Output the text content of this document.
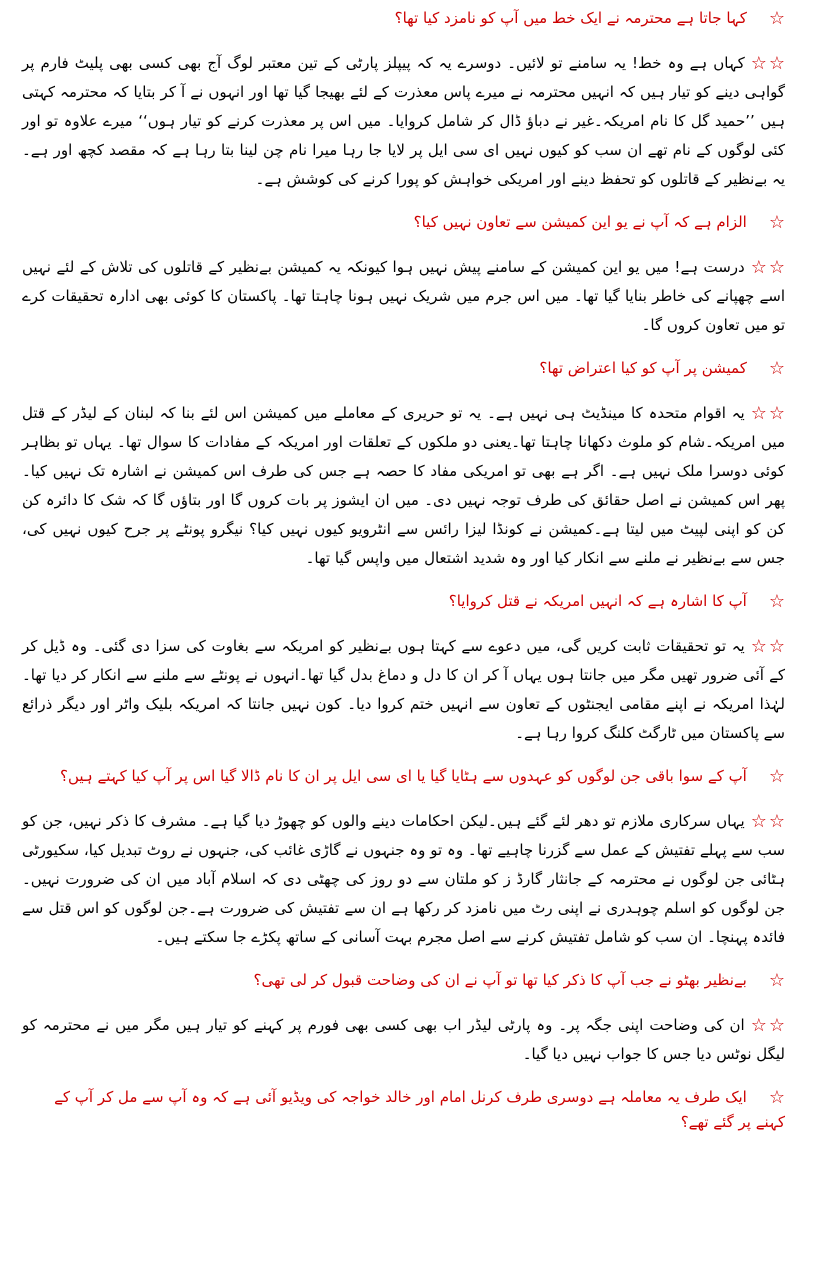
☆کہا جاتا ہے محترمہ نے ایک خط میں آپ کو نامزد کیا تھا؟

☆☆کہاں ہے وہ خط! یہ سامنے تو لائیں۔ دوسرے یہ کہ پیپلز پارٹی کے تین معتبر لوگ آج بھی کسی بھی پلیٹ فارم پر گواہی دینے کو تیار ہیں کہ انہیں محترمہ نے میرے پاس معذرت کے لئے بھیجا گیا تھا اور انہوں نے آ کر بتایا کہ محترمہ کہتی ہیں ’’حمید گل کا نام امریکہ۔غیر نے دباؤ ڈال کر شامل کروایا۔ میں اس پر معذرت کرنے کو تیار ہوں‘‘ میرے علاوہ تو اور کئی لوگوں کے نام تھے ان سب کو کیوں نہیں ای سی ایل پر لایا جا رہا میرا نام چن لینا بتا رہا ہے کہ مقصد کچھ اور ہے۔ یہ بےنظیر کے قاتلوں کو تحفظ دینے اور امریکی خواہش کو پورا کرنے کی کوشش ہے۔

☆الزام ہے کہ آپ نے یو این کمیشن سے تعاون نہیں کیا؟

☆☆درست ہے! میں یو این کمیشن کے سامنے پیش نہیں ہوا کیونکہ یہ کمیشن بےنظیر کے قاتلوں کی تلاش کے لئے نہیں اسے چھپانے کی خاطر بنایا گیا تھا۔ میں اس جرم میں شریک نہیں ہونا چاہتا تھا۔ پاکستان کا کوئی بھی ادارہ تحقیقات کرے تو میں تعاون کروں گا۔

☆کمیشن پر آپ کو کیا اعتراض تھا؟

☆☆یہ اقوام متحدہ کا مینڈیٹ ہی نہیں ہے۔ یہ تو حریری کے معاملے میں کمیشن اس لئے بنا کہ لبنان کے لیڈر کے قتل میں امریکہ۔شام کو ملوث دکھانا چاہتا تھا۔یعنی دو ملکوں کے تعلقات اور امریکہ کے مفادات کا سوال تھا۔ یہاں تو بظاہر کوئی دوسرا ملک نہیں ہے۔ اگر ہے بھی تو امریکی مفاد کا حصہ ہے جس کی طرف اس کمیشن نے اشارہ تک نہیں کیا۔ پھر اس کمیشن نے اصل حقائق کی طرف توجہ نہیں دی۔ میں ان ایشوز پر بات کروں گا اور بتاؤں گا کہ شک کا دائرہ کن کن کو اپنی لپیٹ میں لیتا ہے۔کمیشن نے کونڈا لیزا رائس سے انٹرویو کیوں نہیں کیا؟ نیگرو پونٹے پر جرح کیوں نہیں کی، جس سے بےنظیر نے ملنے سے انکار کیا اور وہ شدید اشتعال میں واپس گیا تھا۔

☆آپ کا اشارہ ہے کہ انہیں امریکہ نے قتل کروایا؟

☆☆یہ تو تحقیقات ثابت کریں گی، میں دعوے سے کہتا ہوں بےنظیر کو امریکہ سے بغاوت کی سزا دی گئی۔ وہ ڈیل کر کے آئی ضرور تھیں مگر میں جانتا ہوں یہاں آ کر ان کا دل و دماغ بدل گیا تھا۔انہوں نے پونٹے سے ملنے سے انکار کر دیا تھا۔لہٰذا امریکہ نے اپنے مقامی ایجنٹوں کے تعاون سے انہیں ختم کروا دیا۔ کون نہیں جانتا کہ امریکہ بلیک واٹر اور دیگر ذرائع سے پاکستان میں ٹارگٹ کلنگ کروا رہا ہے۔

☆آپ کے سوا باقی جن لوگوں کو عہدوں سے ہٹایا گیا یا ای سی ایل پر ان کا نام ڈالا گیا اس پر آپ کیا کہتے ہیں؟

☆☆یہاں سرکاری ملازم تو دھر لئے گئے ہیں۔لیکن احکامات دینے والوں کو چھوڑ دیا گیا ہے۔ مشرف کا ذکر نہیں، جن کو سب سے پہلے تفتیش کے عمل سے گزرنا چاہیے تھا۔ وہ تو وہ جنہوں نے گاڑی غائب کی، جنہوں نے روٹ تبدیل کیا، سکیورٹی ہٹائی جن لوگوں نے محترمہ کے جانثار گارڈ ز کو ملتان سے دو روز کی چھٹی دی کہ اسلام آباد میں ان کی ضرورت نہیں۔جن لوگوں کو اسلم چوہدری نے اپنی رٹ میں نامزد کر رکھا ہے ان سے تفتیش کی ضرورت ہے۔جن لوگوں کو اس قتل سے فائدہ پہنچا۔ ان سب کو شامل تفتیش کرنے سے اصل مجرم بہت آسانی کے ساتھ پکڑے جا سکتے ہیں۔

☆بےنظیر بھٹو نے جب آپ کا ذکر کیا تھا تو آپ نے ان کی وضاحت قبول کر لی تھی؟

☆☆ان کی وضاحت اپنی جگہ پر۔ وہ پارٹی لیڈر اب بھی کسی بھی فورم پر کہنے کو تیار ہیں مگر میں نے محترمہ کو لیگل نوٹس دیا جس کا جواب نہیں دیا گیا۔

☆ایک طرف یہ معاملہ ہے دوسری طرف کرنل امام اور خالد خواجہ کی ویڈیو آئی ہے کہ وہ آپ سے مل کر آپ کے کہنے پر گئے تھے؟
